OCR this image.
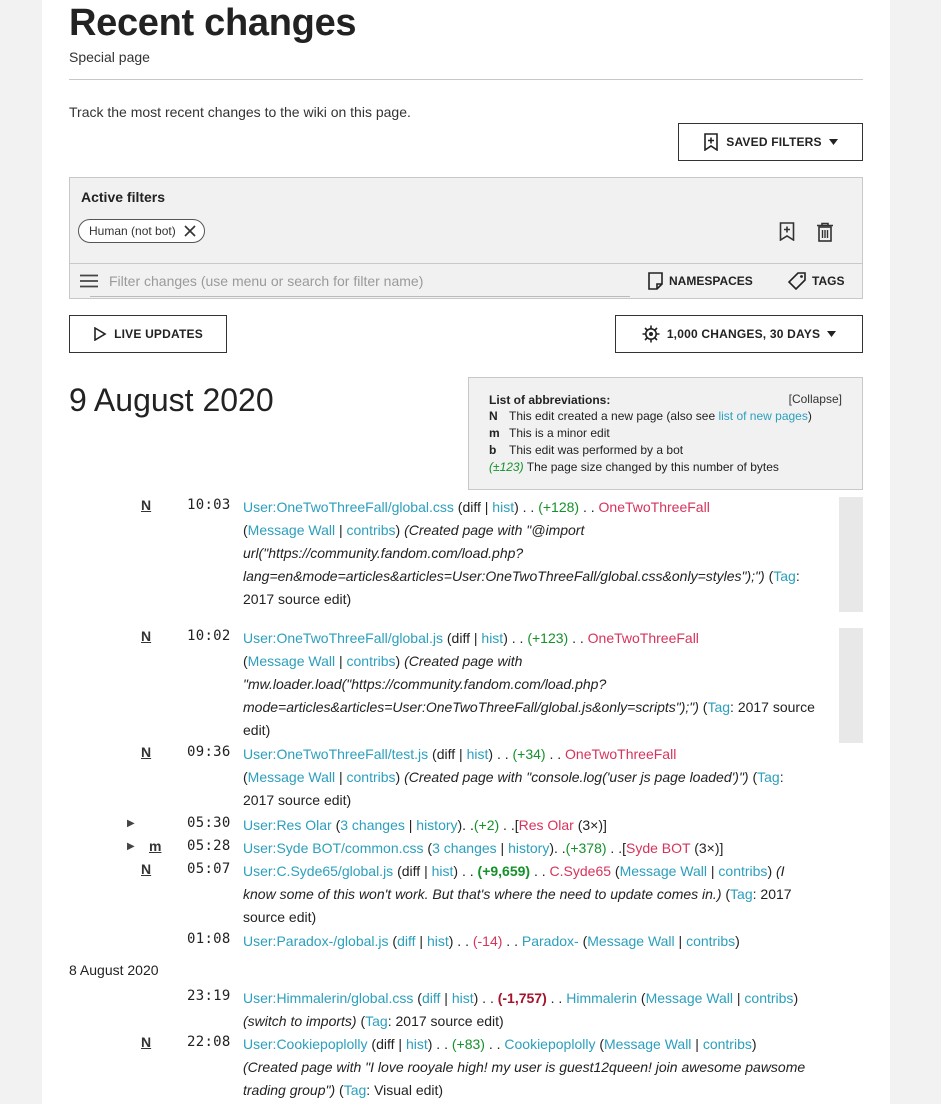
Recent changes
Special page
Track the most recent changes to the wiki on this page.
SAVED FILTERS
Active filters
Human (not bot)
Filter changes (use menu or search for filter name)
NAMESPACES	TAGS
LIVE UPDATES	1,000 CHANGES, 30 DAYS
9 August 2020	List of abbreviations:	[Collapse]
N This edit created a new page (also see list of new pages)
m This is a minor edit
b This edit was performed by a bot
(±123) The page size changed by this number of bytes
N	10:03 User:OneTwoThreeFall/global.css (diff | hist) . . (+128) . . OneTwoThreeFall
(Message Wall | contribs) (Created page with "@import
url("https://community.fandom.com/load.php?
lang=en&mode=articles&articles=User:OneTwoThreeFall/global.css&only=styles");") (Tag:
2017 source edit)
N	10:02 User:OneTwoThreeFall/global.js (diff | hist) . . (+123) . . OneTwoThreeFall
(Message Wall | contribs) (Created page with
"mw.loader.load("https://community.fandom.com/load.php?
mode=articles&articles=User:OneTwoThreeFall/global.js&only=scripts");") (Tag: 2017 source
edit)
N	09:36 User:OneTwoThreeFall/test.js (diff | hist) . . (+34) . . OneTwoThreeFall
(Message Wall | contribs) (Created page with "console.log('user js page loaded')") (Tag:
2017 source edit)
▶	05:30 User:Res Olar (3 changes | history). .(+2) . .[Res Olar (3×)]
▶ m 05:28 User:Syde BOT/common.css (3 changes | history). .(+378) . .[Syde BOT (3×)]
N	05:07 User:C.Syde65/global.js (diff | hist) . . (+9,659) . . C.Syde65 (Message Wall | contribs) (I
know some of this won't work. But that's where the need to update comes in.) (Tag: 2017
source edit)
01:08 User:Paradox-/global.js (diff | hist) . . (-14) . . Paradox- (Message Wall | contribs)
8 August 2020
23:19 User:Himmalerin/global.css (diff | hist) . . (-1,757) . . Himmalerin (Message Wall | contribs)
(switch to imports) (Tag: 2017 source edit)
N	22:08 User:Cookiepoplolly (diff | hist) . . (+83) . . Cookiepoplolly (Message Wall | contribs)
(Created page with "I love rooyale high! my user is guest12queen! join awesome pawsome
trading group") (Tag: Visual edit)
